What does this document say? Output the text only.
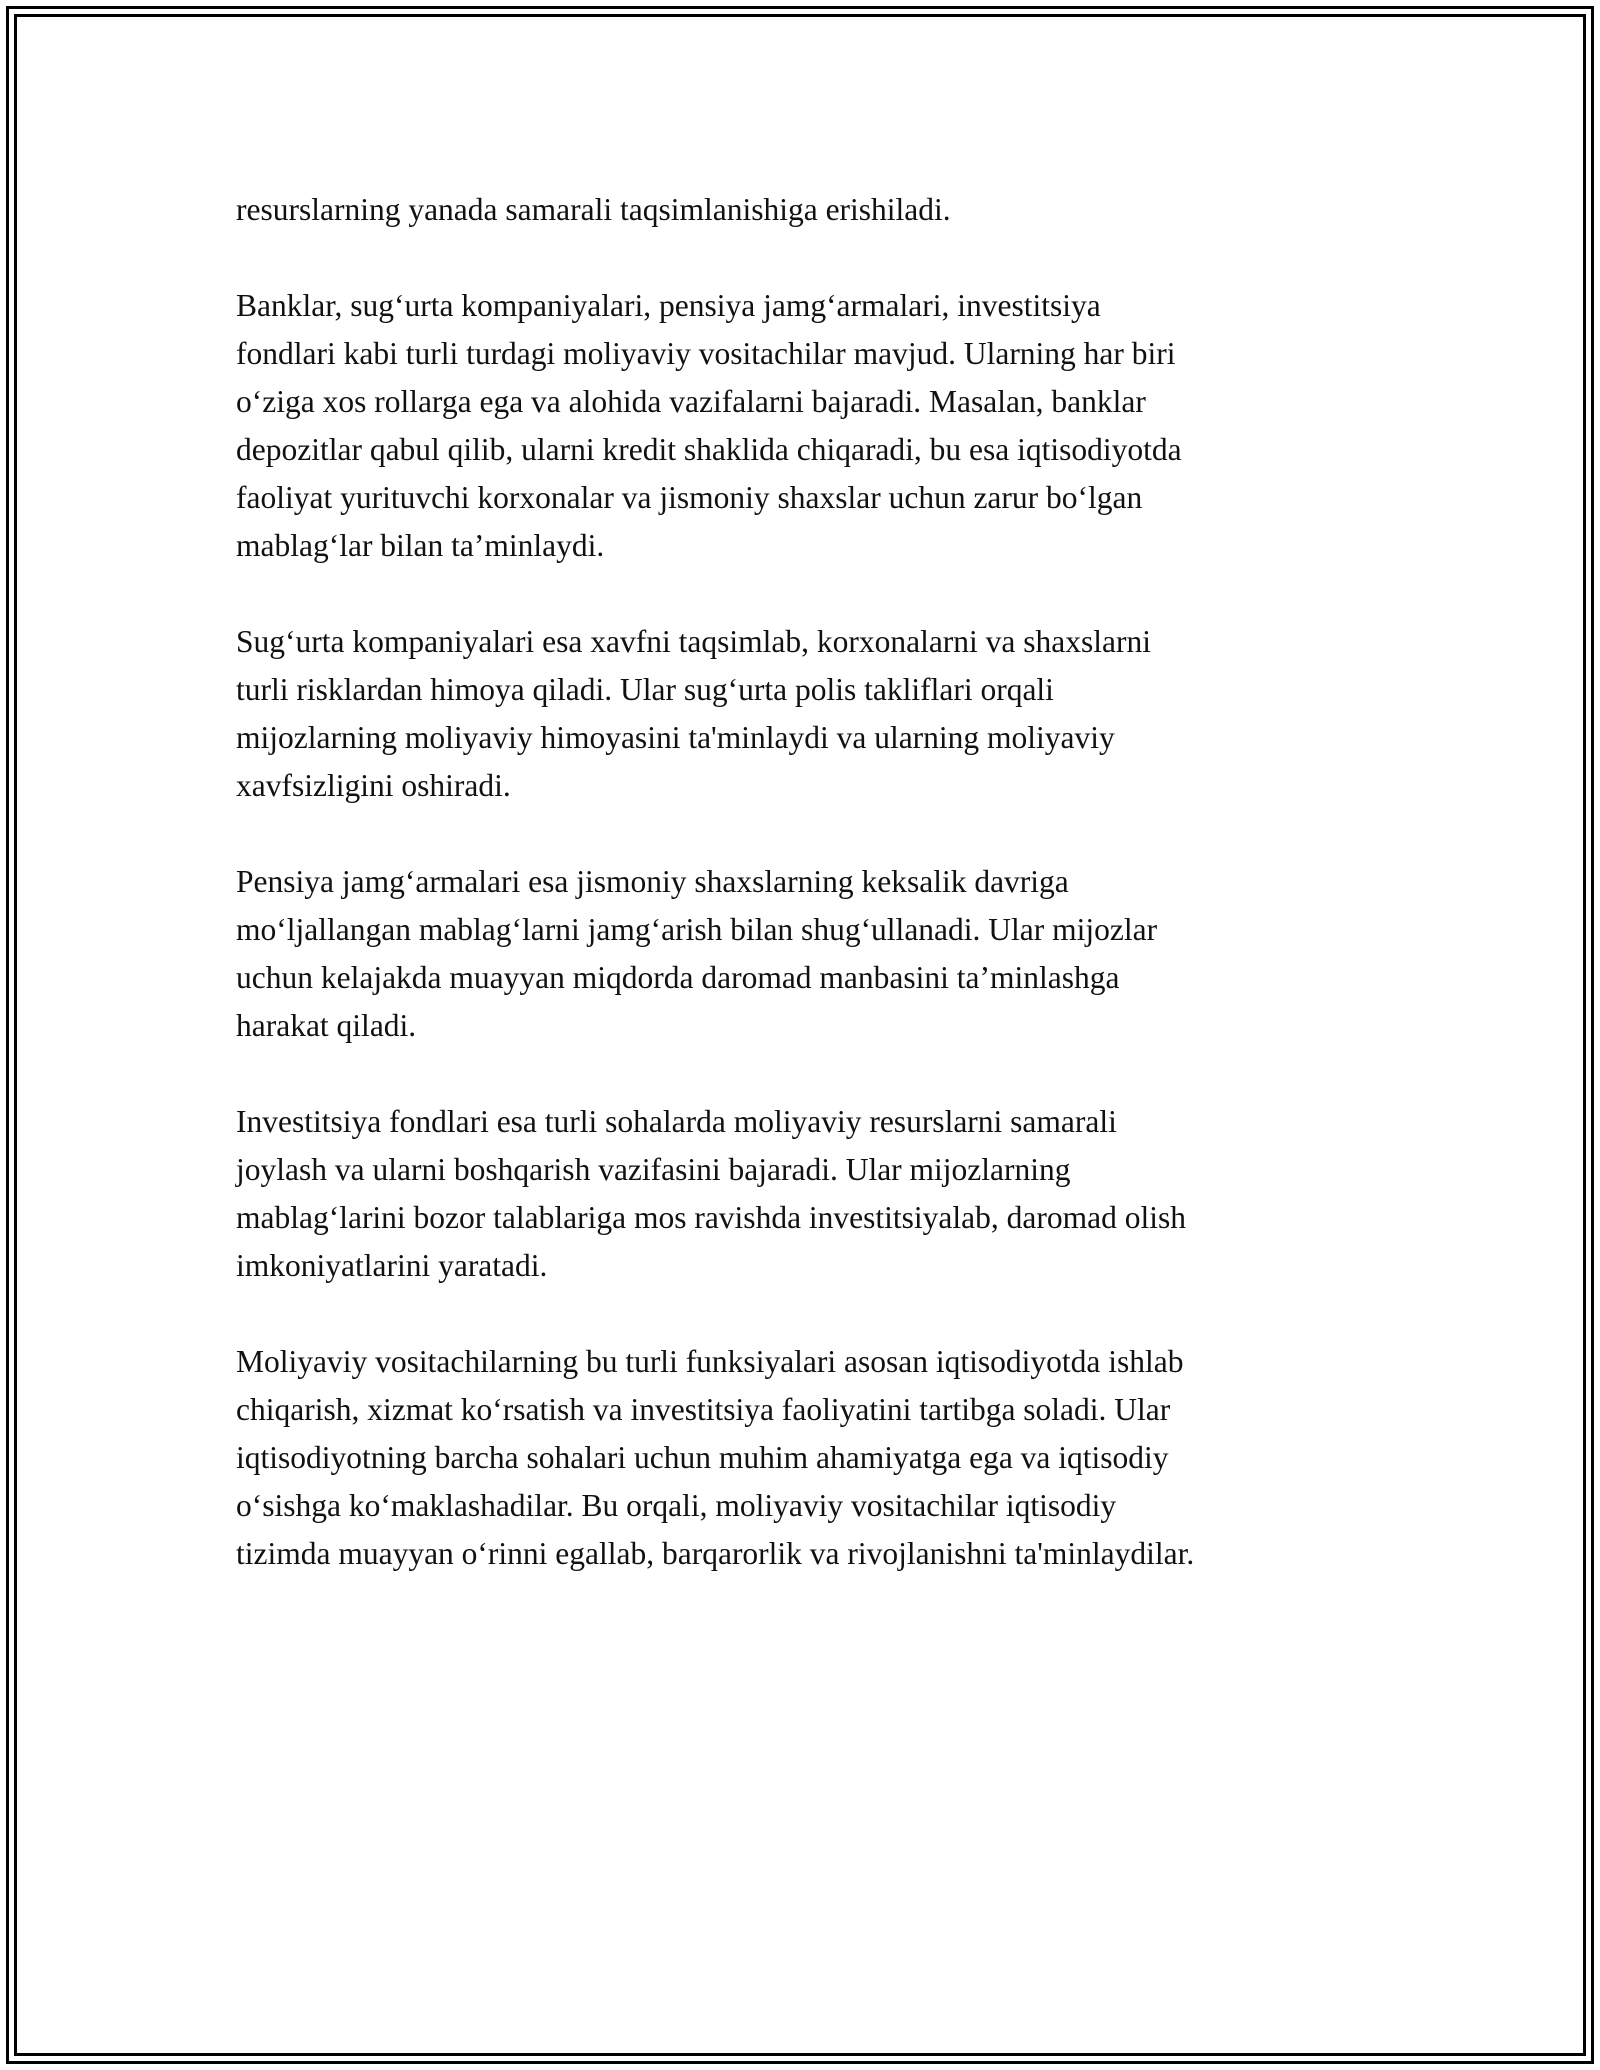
resurslarning yanada samarali taqsimlanishiga erishiladi.
Banklar, sug‘urta kompaniyalari, pensiya jamg‘armalari, investitsiya
fondlari kabi turli turdagi moliyaviy vositachilar mavjud. Ularning har biri
o‘ziga xos rollarga ega va alohida vazifalarni bajaradi. Masalan, banklar
depozitlar qabul qilib, ularni kredit shaklida chiqaradi, bu esa iqtisodiyotda
faoliyat yurituvchi korxonalar va jismoniy shaxslar uchun zarur bo‘lgan
mablag‘lar bilan ta’minlaydi.
Sug‘urta kompaniyalari esa xavfni taqsimlab, korxonalarni va shaxslarni
turli risklardan himoya qiladi. Ular sug‘urta polis takliflari orqali
mijozlarning moliyaviy himoyasini ta'minlaydi va ularning moliyaviy
xavfsizligini oshiradi.
Pensiya jamg‘armalari esa jismoniy shaxslarning keksalik davriga
mo‘ljallangan mablag‘larni jamg‘arish bilan shug‘ullanadi. Ular mijozlar
uchun kelajakda muayyan miqdorda daromad manbasini ta’minlashga
harakat qiladi.
Investitsiya fondlari esa turli sohalarda moliyaviy resurslarni samarali
joylash va ularni boshqarish vazifasini bajaradi. Ular mijozlarning
mablag‘larini bozor talablariga mos ravishda investitsiyalab, daromad olish
imkoniyatlarini yaratadi.
Moliyaviy vositachilarning bu turli funksiyalari asosan iqtisodiyotda ishlab
chiqarish, xizmat ko‘rsatish va investitsiya faoliyatini tartibga soladi. Ular
iqtisodiyotning barcha sohalari uchun muhim ahamiyatga ega va iqtisodiy
o‘sishga ko‘maklashadilar. Bu orqali, moliyaviy vositachilar iqtisodiy
tizimda muayyan o‘rinni egallab, barqarorlik va rivojlanishni ta'minlaydilar.
